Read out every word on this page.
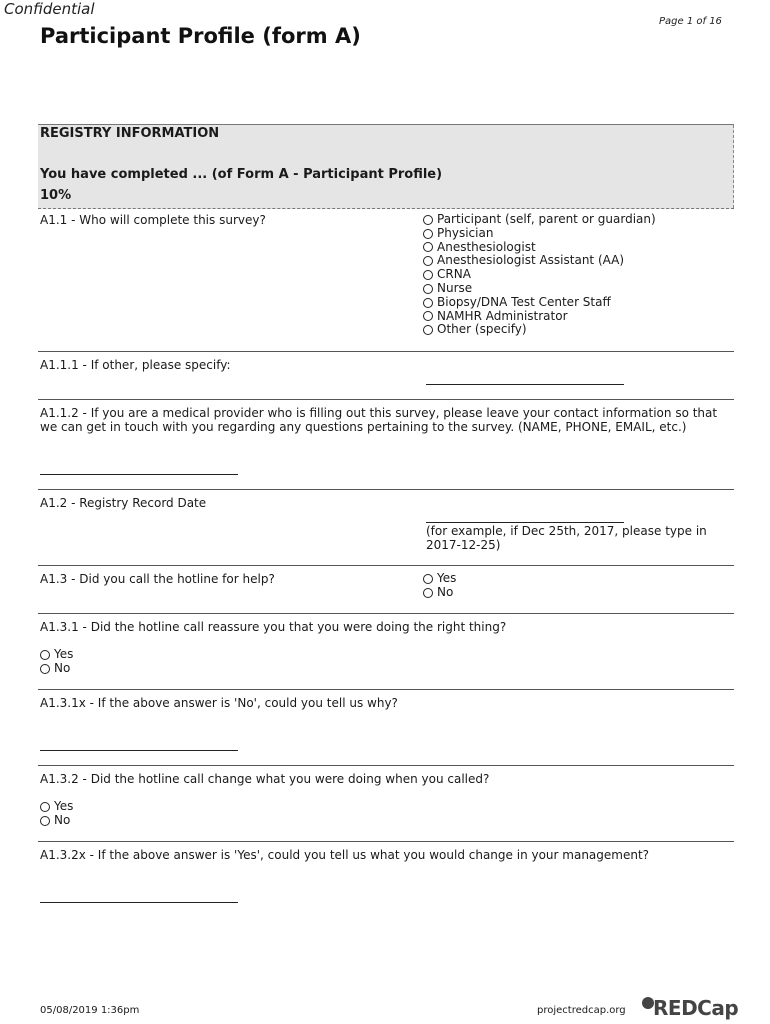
Confidential
Page 1 of 16
Participant Profile (form A)
REGISTRY INFORMATION
You have completed ... (of Form A - Participant Profile)
10%
A1.1 - Who will complete this survey?	Participant (self, parent or guardian)
Physician
Anesthesiologist
Anesthesiologist Assistant (AA)
CRNA
Nurse
Biopsy/DNA Test Center Staff
NAMHR Administrator
Other (specify)
A1.1.1 - If other, please specify:
A1.1.2 - If you are a medical provider who is filling out this survey, please leave your contact information so that we can get in touch with you regarding any questions pertaining to the survey. (NAME, PHONE, EMAIL, etc.)
A1.2 - Registry Record Date
(for example, if Dec 25th, 2017, please type in 2017-12-25)
A1.3 - Did you call the hotline for help?	Yes
No
A1.3.1 - Did the hotline call reassure you that you were doing the right thing?
Yes
No
A1.3.1x - If the above answer is 'No', could you tell us why?
A1.3.2 - Did the hotline call change what you were doing when you called?
Yes
No
A1.3.2x - If the above answer is 'Yes', could you tell us what you would change in your management?
05/08/2019 1:36pm	projectredcap.org	REDCap
